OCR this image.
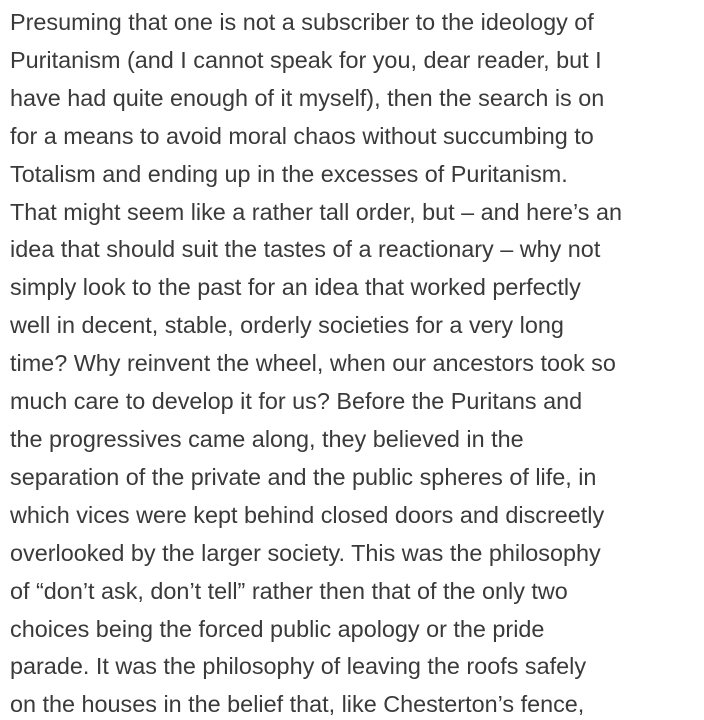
Presuming that one is not a subscriber to the ideology of
Puritanism (and I cannot speak for you, dear reader, but I
have had quite enough of it myself), then the search is on
for a means to avoid moral chaos without succumbing to
Totalism and ending up in the excesses of Puritanism.
That might seem like a rather tall order, but – and here’s an
idea that should suit the tastes of a reactionary – why not
simply look to the past for an idea that worked perfectly
well in decent, stable, orderly societies for a very long
time? Why reinvent the wheel, when our ancestors took so
much care to develop it for us? Before the Puritans and
the progressives came along, they believed in the
separation of the private and the public spheres of life, in
which vices were kept behind closed doors and discreetly
overlooked by the larger society. This was the philosophy
of “don’t ask, don’t tell” rather then that of the only two
choices being the forced public apology or the pride
parade. It was the philosophy of leaving the roofs safely
on the houses in the belief that, like Chesterton’s fence,
